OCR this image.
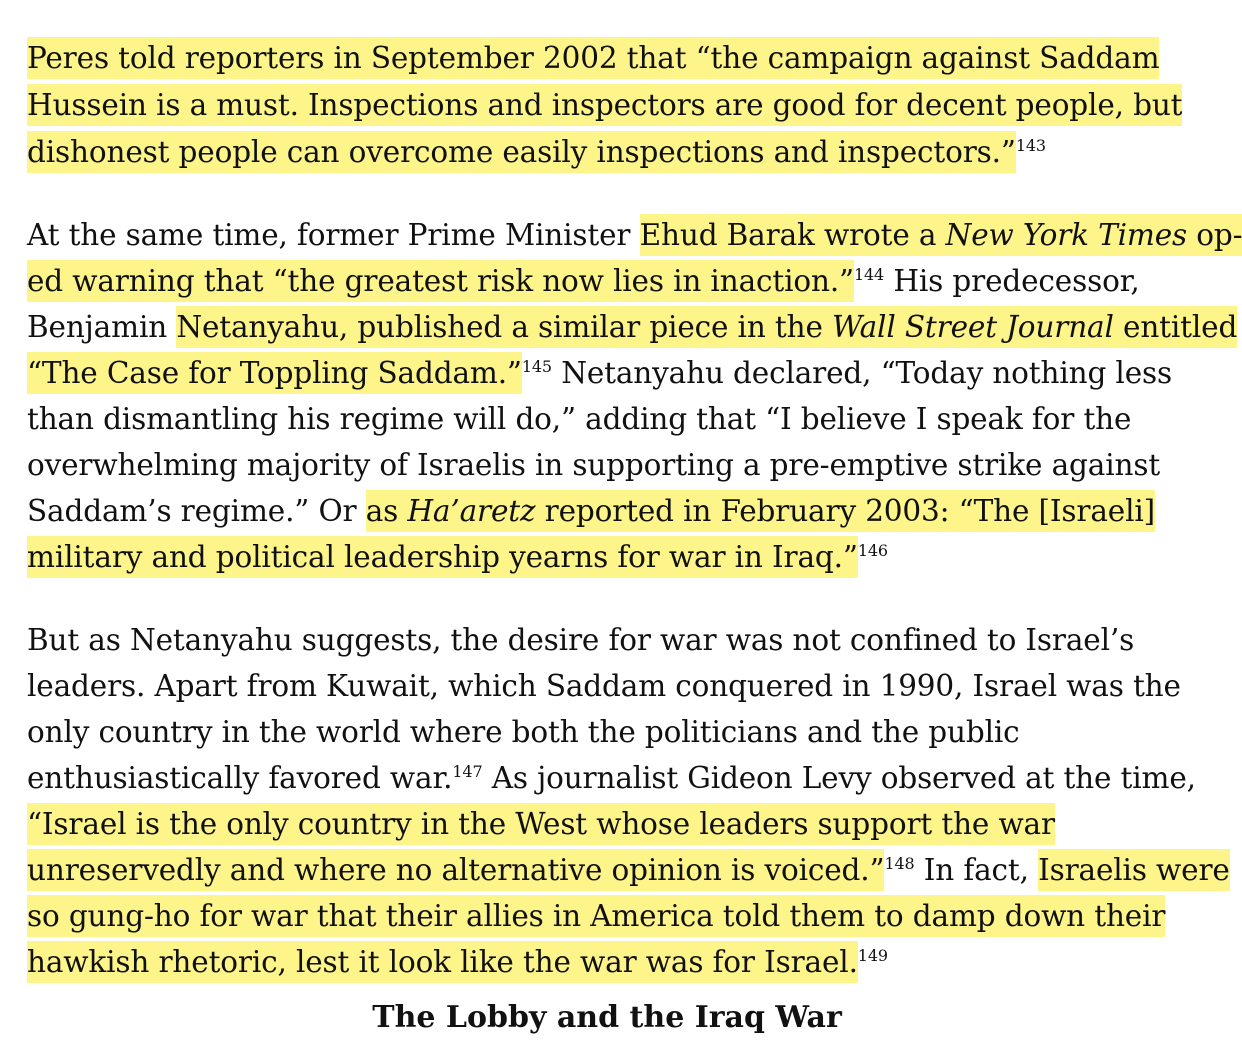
Peres told reporters in September 2002 that “the campaign against Saddam
Hussein is a must. Inspections and inspectors are good for decent people, but
dishonest people can overcome easily inspections and inspectors.”$^{143}$
At the same time, former Prime Minister Ehud Barak wrote a New York Times op-
ed warning that “the greatest risk now lies in inaction.”$^{144}$ His predecessor,
Benjamin Netanyahu, published a similar piece in the Wall Street Journal entitled
“The Case for Toppling Saddam.”$^{145}$ Netanyahu declared, “Today nothing less
than dismantling his regime will do,” adding that “I believe I speak for the
overwhelming majority of Israelis in supporting a pre-emptive strike against
Saddam’s regime.” Or as Ha’aretz reported in February 2003: “The [Israeli]
military and political leadership yearns for war in Iraq.”$^{146}$
But as Netanyahu suggests, the desire for war was not confined to Israel’s
leaders. Apart from Kuwait, which Saddam conquered in 1990, Israel was the
only country in the world where both the politicians and the public
enthusiastically favored war.$^{147}$ As journalist Gideon Levy observed at the time,
“Israel is the only country in the West whose leaders support the war
unreservedly and where no alternative opinion is voiced.”$^{148}$ In fact, Israelis were
so gung-ho for war that their allies in America told them to damp down their
hawkish rhetoric, lest it look like the war was for Israel.$^{149}$
The Lobby and the Iraq War
